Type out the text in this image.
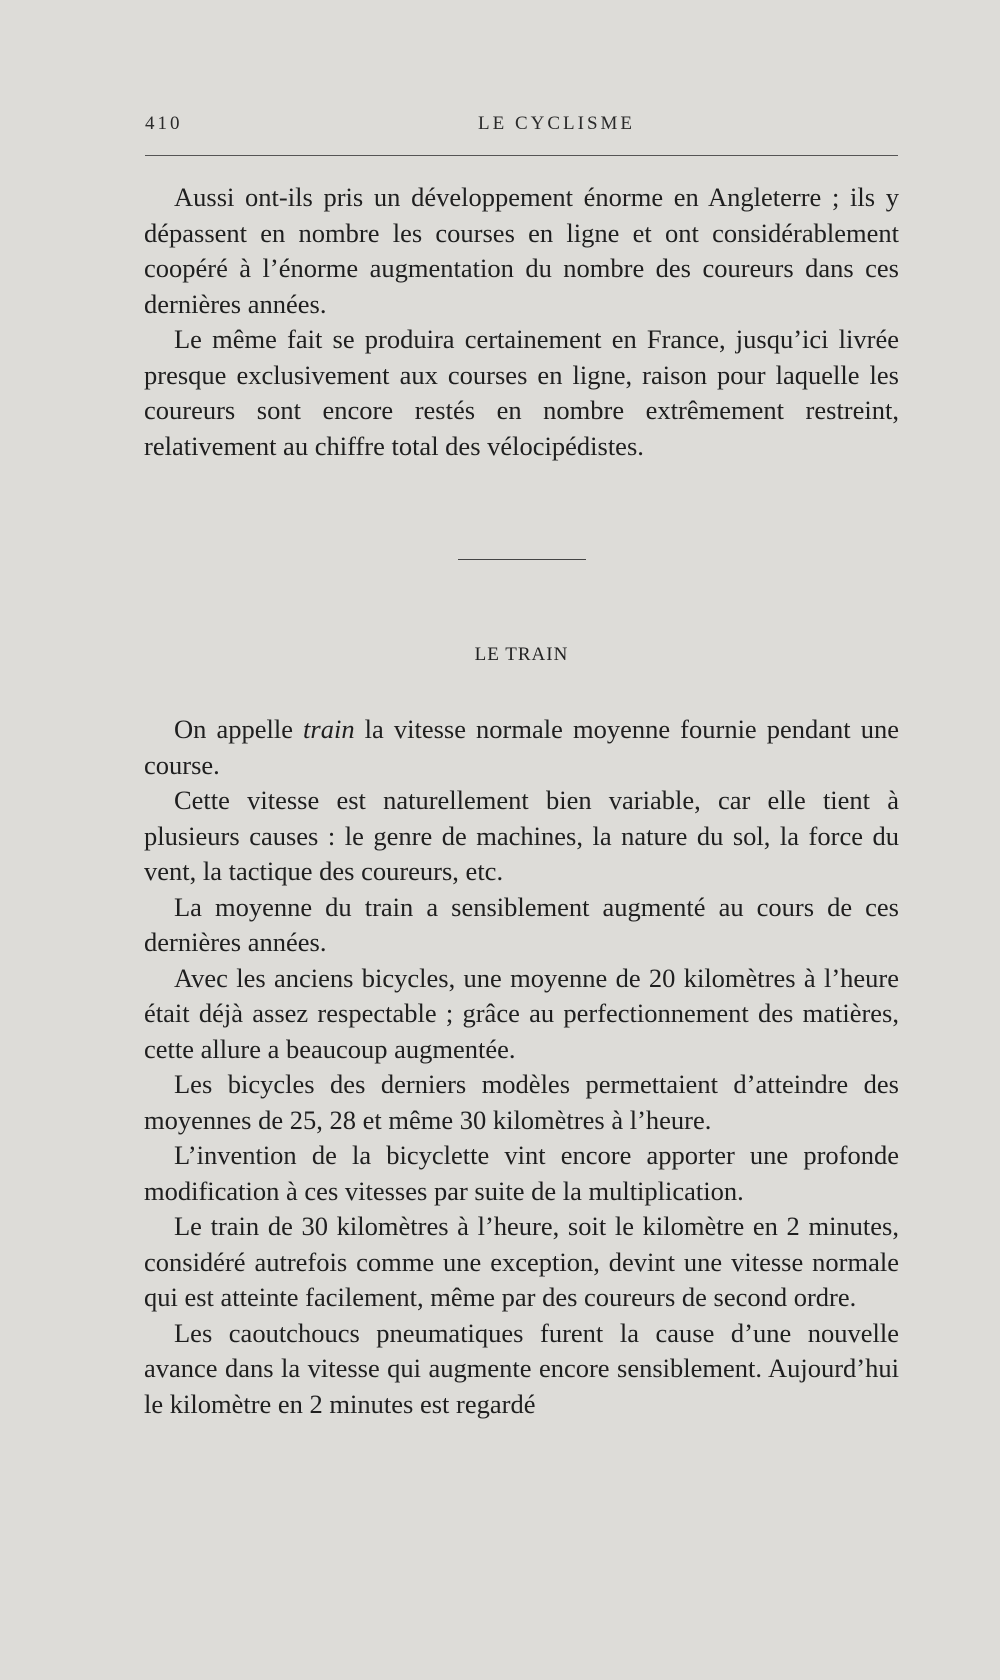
410	LE CYCLISME

Aussi ont-ils pris un développement énorme en Angleterre ; ils y dépassent en nombre les courses en ligne et ont considérablement coopéré à l’énorme augmentation du nombre des coureurs dans ces dernières années.

Le même fait se produira certainement en France, jusqu’ici livrée presque exclusivement aux courses en ligne, raison pour laquelle les coureurs sont encore restés en nombre extrêmement restreint, relativement au chiffre total des vélocipédistes.

LE TRAIN

On appelle train la vitesse normale moyenne fournie pendant une course.

Cette vitesse est naturellement bien variable, car elle tient à plusieurs causes : le genre de machines, la nature du sol, la force du vent, la tactique des coureurs, etc.

La moyenne du train a sensiblement augmenté au cours de ces dernières années.

Avec les anciens bicycles, une moyenne de 20 kilomètres à l’heure était déjà assez respectable ; grâce au perfectionnement des matières, cette allure a beaucoup augmentée.

Les bicycles des derniers modèles permettaient d’atteindre des moyennes de 25, 28 et même 30 kilomètres à l’heure.

L’invention de la bicyclette vint encore apporter une profonde modification à ces vitesses par suite de la multiplication.

Le train de 30 kilomètres à l’heure, soit le kilomètre en 2 minutes, considéré autrefois comme une exception, devint une vitesse normale qui est atteinte facilement, même par des coureurs de second ordre.

Les caoutchoucs pneumatiques furent la cause d’une nouvelle avance dans la vitesse qui augmente encore sensiblement. Aujourd’hui le kilomètre en 2 minutes est regardé
